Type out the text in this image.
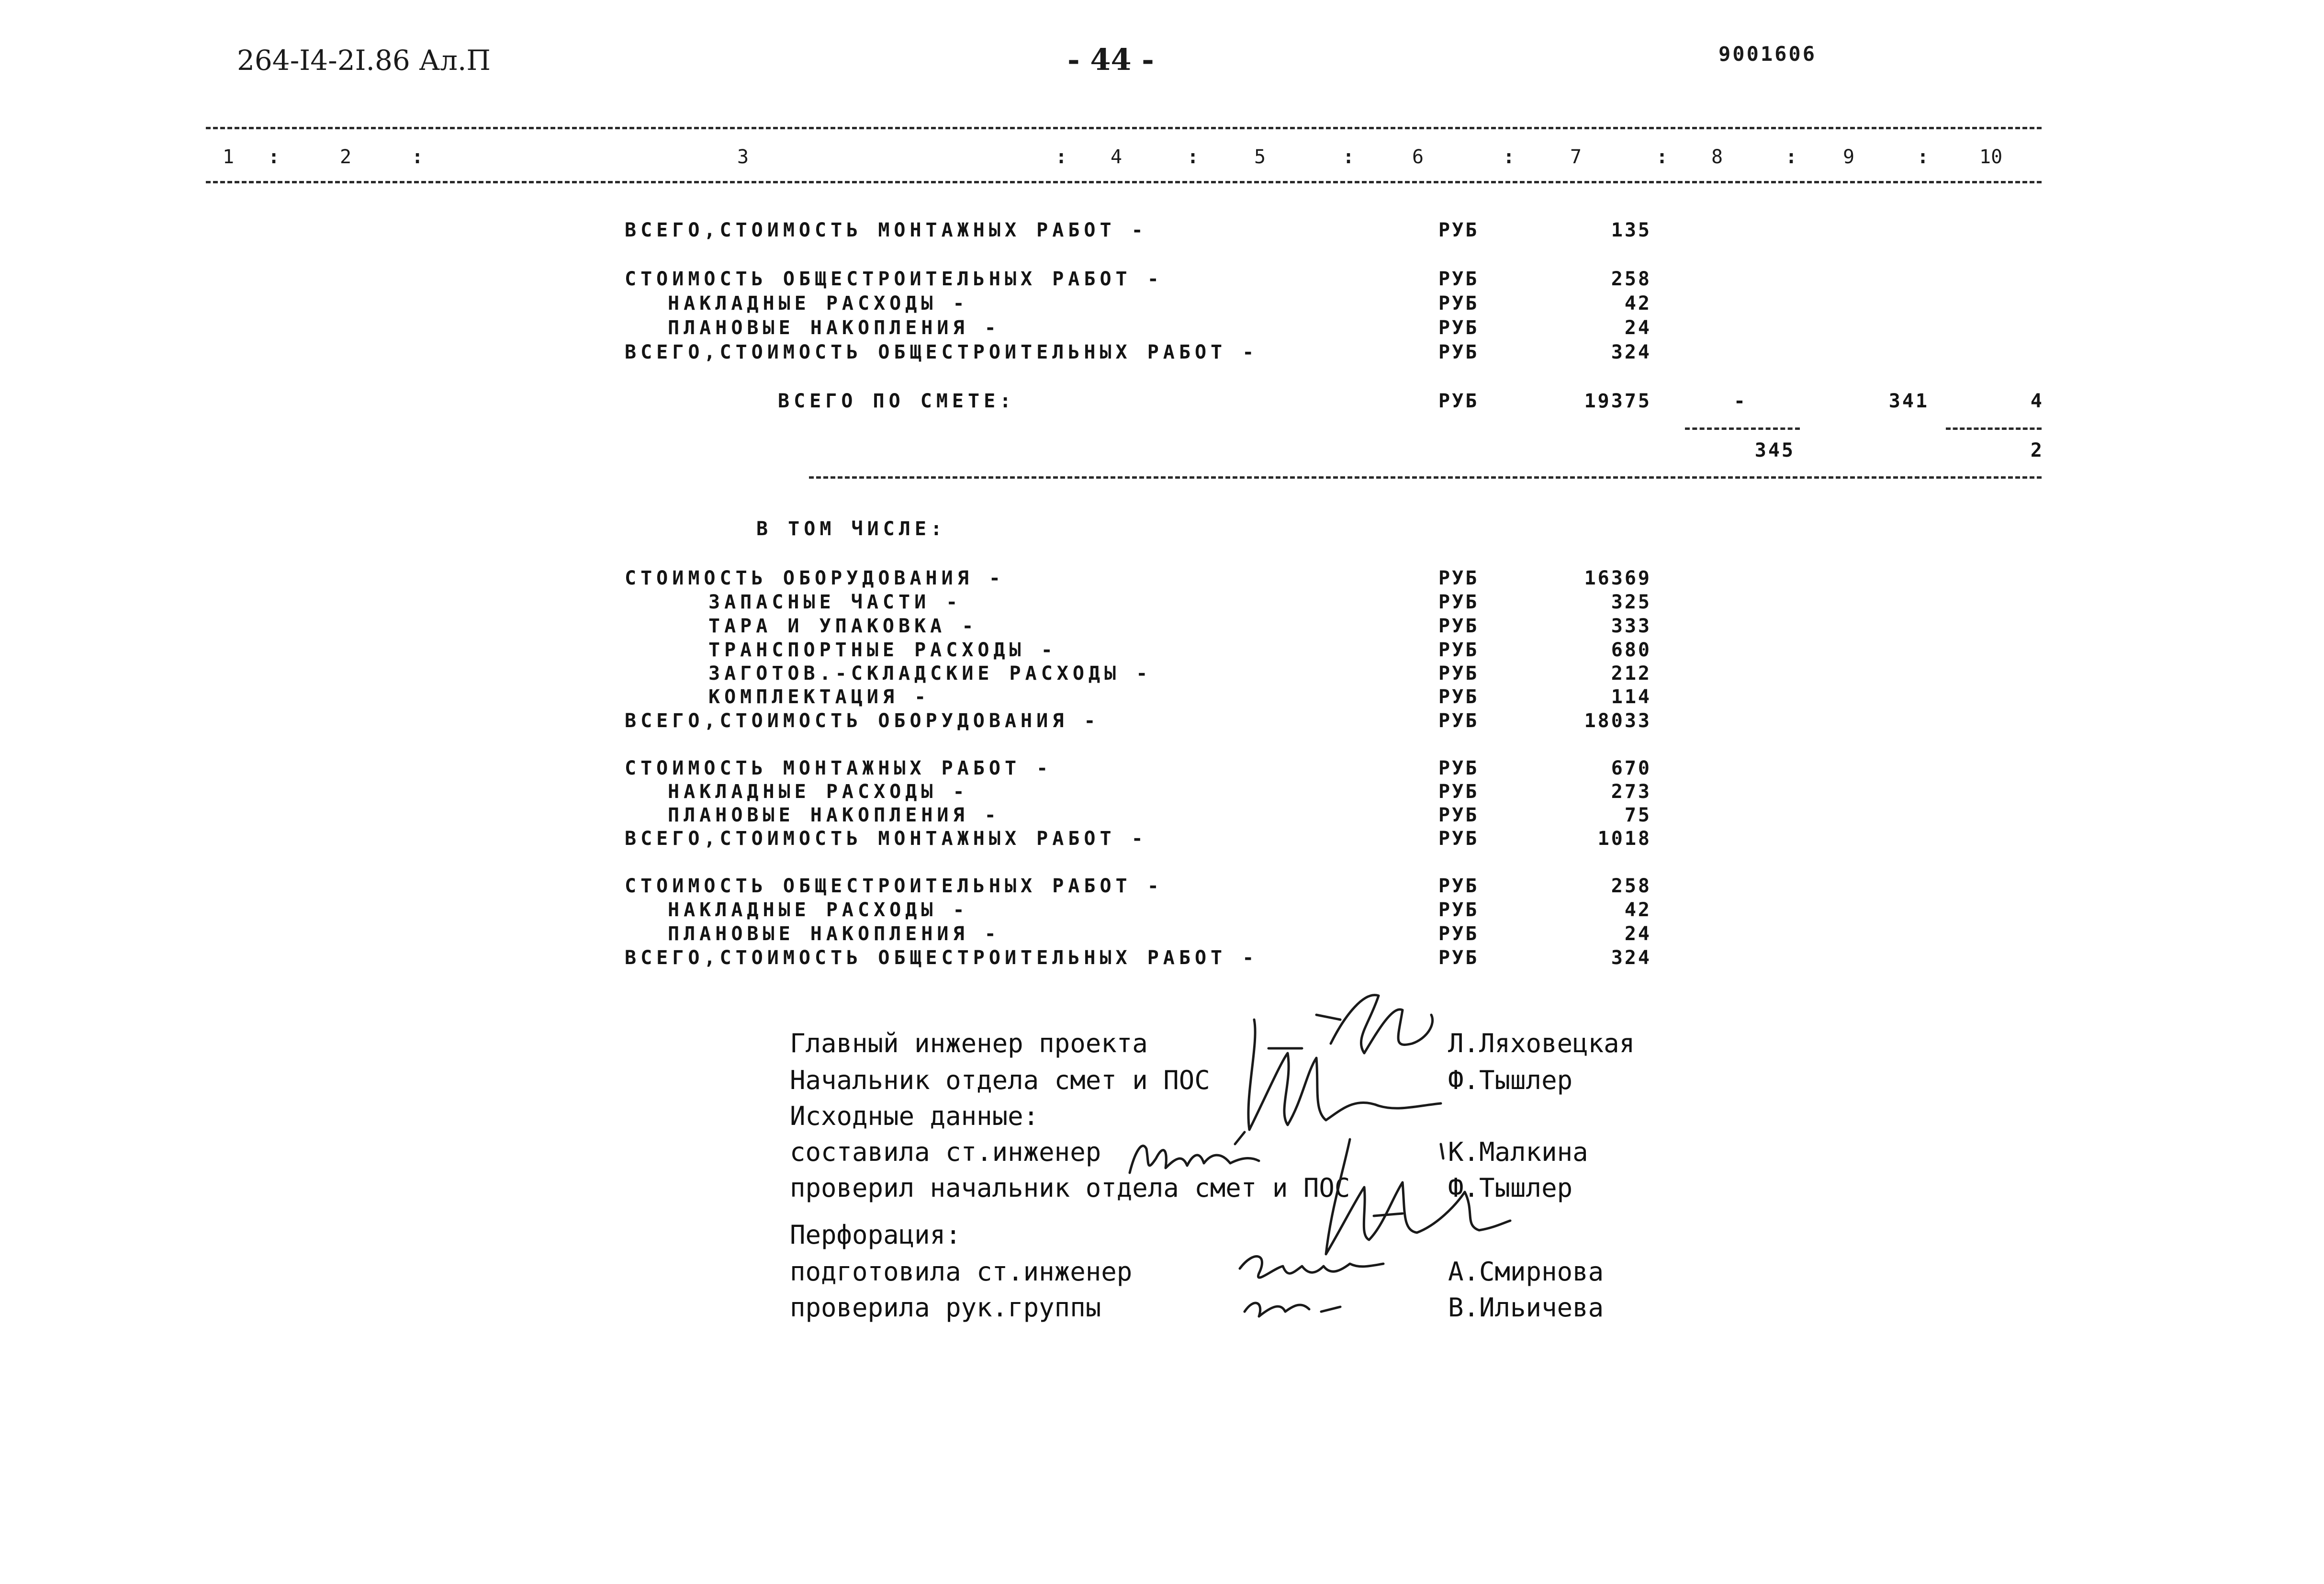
264-I4-2I.86 Ал.П	- 44 -	9001606
1 :	2	:	3	: 4	:	5	:	6	:	7	: 8	: 9	:	10
ВСЕГО,СТОИМОСТЬ МОНТАЖНЫХ РАБОТ -	РУБ	135
СТОИМОСТЬ ОБЩЕСТРОИТЕЛЬНЫХ РАБОТ -	РУБ	258
НАКЛАДНЫЕ РАСХОДЫ -	РУБ	42
ПЛАНОВЫЕ НАКОПЛЕНИЯ -	РУБ	24
ВСЕГО,СТОИМОСТЬ ОБЩЕСТРОИТЕЛЬНЫХ РАБОТ -	РУБ	324
ВСЕГО ПО СМЕТЕ:	РУБ	19375	-	341	4
345	2
В ТОМ ЧИСЛЕ:
СТОИМОСТЬ ОБОРУДОВАНИЯ -	РУБ	16369
ЗАПАСНЫЕ ЧАСТИ -	РУБ	325
ТАРА И УПАКОВКА -	РУБ	333
ТРАНСПОРТНЫЕ РАСХОДЫ -	РУБ	680
ЗАГОТОВ.-СКЛАДСКИЕ РАСХОДЫ -	РУБ	212
КОМПЛЕКТАЦИЯ -	РУБ	114
ВСЕГО,СТОИМОСТЬ ОБОРУДОВАНИЯ -	РУБ	18033
СТОИМОСТЬ МОНТАЖНЫХ РАБОТ -	РУБ	670
НАКЛАДНЫЕ РАСХОДЫ -	РУБ	273
ПЛАНОВЫЕ НАКОПЛЕНИЯ -	РУБ	75
ВСЕГО,СТОИМОСТЬ МОНТАЖНЫХ РАБОТ -	РУБ	1018
СТОИМОСТЬ ОБЩЕСТРОИТЕЛЬНЫХ РАБОТ -	РУБ	258
НАКЛАДНЫЕ РАСХОДЫ -	РУБ	42
ПЛАНОВЫЕ НАКОПЛЕНИЯ -	РУБ	24
ВСЕГО,СТОИМОСТЬ ОБЩЕСТРОИТЕЛЬНЫХ РАБОТ -	РУБ	324
Главный инженер проекта	Л.Ляховецкая
Начальник отдела смет и ПОС	Ф.Тышлер
Исходные данные:
составила ст.инженер	К.Малкина
проверил начальник отдела смет и ПОС	Ф.Тышлер
Перфорация:
подготовила ст.инженер	А.Смирнова
проверила рук.группы	В.Ильичева
